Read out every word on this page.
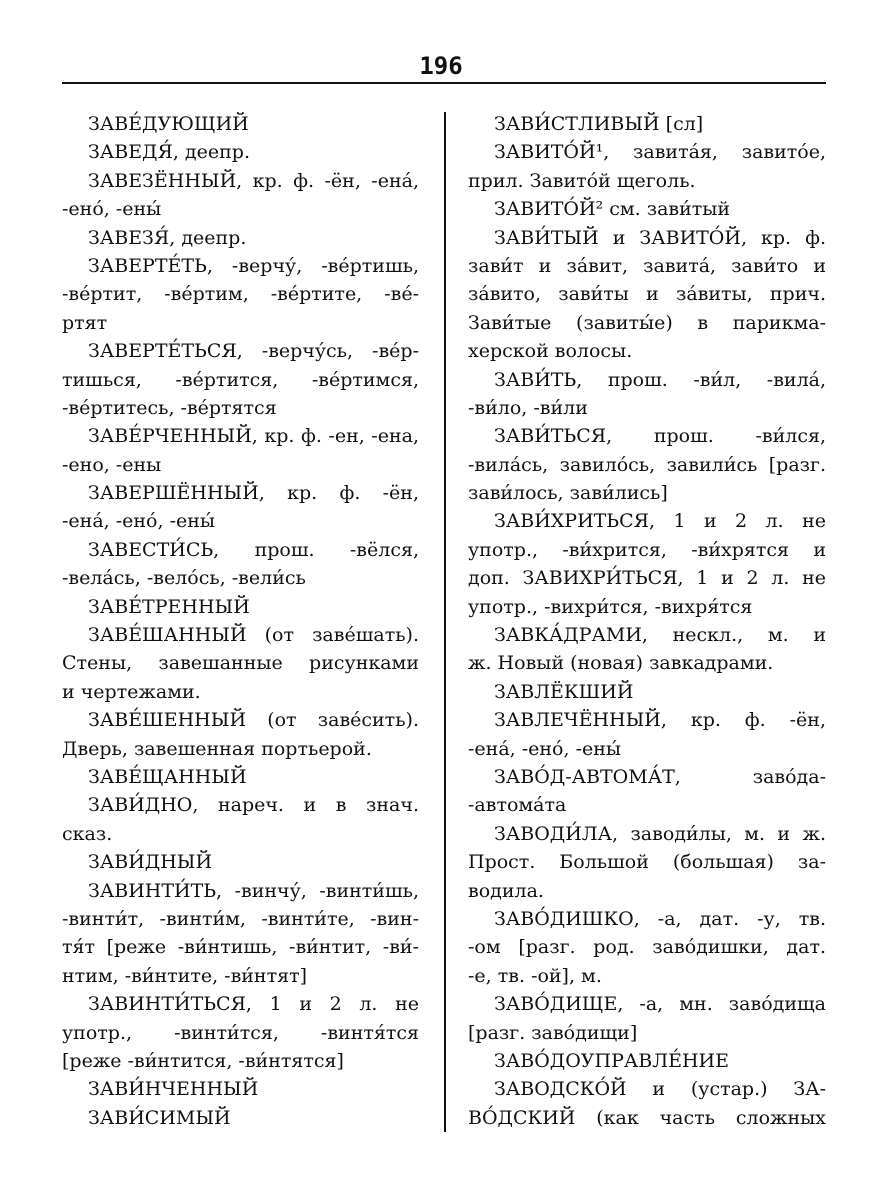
196
ЗАВЕ́ДУЮЩИЙ
ЗАВЕДЯ́, деепр.
ЗАВЕЗЁННЫЙ, кр. ф. -ён, -ена́,
-ено́, -ены́
ЗАВЕЗЯ́, деепр.
ЗАВЕРТЕ́ТЬ, -верчу́, -ве́ртишь,
-ве́ртит, -ве́ртим, -ве́ртите, -ве́-
ртят
ЗАВЕРТЕ́ТЬСЯ, -верчу́сь, -ве́р-
тишься, -ве́ртится, -ве́ртимся,
-ве́ртитесь, -ве́ртятся
ЗАВЕ́РЧЕННЫЙ, кр. ф. -ен, -ена,
-ено, -ены
ЗАВЕРШЁННЫЙ, кр. ф. -ён,
-ена́, -ено́, -ены́
ЗАВЕСТИ́СЬ, прош. -вёлся,
-вела́сь, -вело́сь, -вели́сь
ЗАВЕ́ТРЕННЫЙ
ЗАВЕ́ШАННЫЙ (от заве́шать).
Стены, завешанные рисунками
и чертежами.
ЗАВЕ́ШЕННЫЙ (от заве́сить).
Дверь, завешенная портьерой.
ЗАВЕ́ЩАННЫЙ
ЗАВИ́ДНО, нареч. и в знач.
сказ.
ЗАВИ́ДНЫЙ
ЗАВИНТИ́ТЬ, -винчу́, -винти́шь,
-винти́т, -винти́м, -винти́те, -вин-
тя́т [реже -ви́нтишь, -ви́нтит, -ви́-
нтим, -ви́нтите, -ви́нтят]
ЗАВИНТИ́ТЬСЯ, 1 и 2 л. не
употр., -винти́тся, -винтя́тся
[реже -ви́нтится, -ви́нтятся]
ЗАВИ́НЧЕННЫЙ
ЗАВИ́СИМЫЙ
ЗАВИ́СТЛИВЫЙ [сл]
ЗАВИТО́Й¹, завита́я, завито́е,
прил. Завито́й щеголь.
ЗАВИТО́Й² см. зави́тый
ЗАВИ́ТЫЙ и ЗАВИТО́Й, кр. ф.
зави́т и за́вит, завита́, зави́то и
за́вито, зави́ты и за́виты, прич.
Зави́тые (завиты́е) в парикма-
херской волосы.
ЗАВИ́ТЬ, прош. -ви́л, -вила́,
-ви́ло, -ви́ли
ЗАВИ́ТЬСЯ, прош. -ви́лся,
-вила́сь, завило́сь, завили́сь [разг.
зави́лось, зави́лись]
ЗАВИ́ХРИТЬСЯ, 1 и 2 л. не
употр., -ви́хрится, -ви́хрятся и
доп. ЗАВИХРИ́ТЬСЯ, 1 и 2 л. не
употр., -вихри́тся, -вихря́тся
ЗАВКА́ДРАМИ, нескл., м. и
ж. Новый (новая) завкадрами.
ЗАВЛЁКШИЙ
ЗАВЛЕЧЁННЫЙ, кр. ф. -ён,
-ена́, -ено́, -ены́
ЗАВО́Д-АВТОМА́Т, заво́да-
-автома́та
ЗАВОДИ́ЛА, заводи́лы, м. и ж.
Прост. Большой (большая) за-
водила.
ЗАВО́ДИШКО, -а, дат. -у, тв.
-ом [разг. род. заво́дишки, дат.
-е, тв. -ой], м.
ЗАВО́ДИЩЕ, -а, мн. заво́дища
[разг. заво́дищи]
ЗАВО́ДОУПРАВЛЕ́НИЕ
ЗАВОДСКО́Й и (устар.) ЗА-
ВО́ДСКИЙ (как часть сложных
